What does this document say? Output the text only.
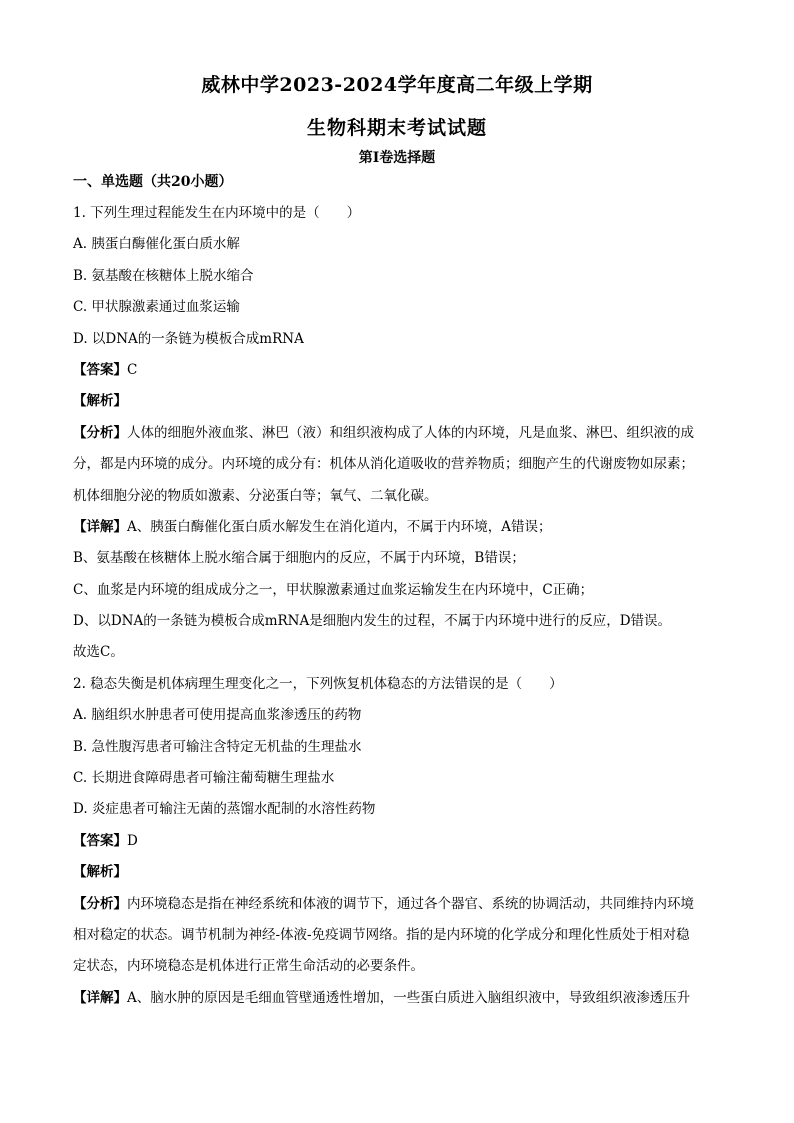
威林中学2023-2024学年度高二年级上学期
生物科期末考试试题
第Ⅰ卷选择题
一、单选题（共20小题）
1. 下列生理过程能发生在内环境中的是（　　）
A. 胰蛋白酶催化蛋白质水解
B. 氨基酸在核糖体上脱水缩合
C. 甲状腺激素通过血浆运输
D. 以DNA的一条链为模板合成mRNA
【答案】C
【解析】
【分析】人体的细胞外液血浆、淋巴（液）和组织液构成了人体的内环境，凡是血浆、淋巴、组织液的成
分，都是内环境的成分。内环境的成分有：机体从消化道吸收的营养物质；细胞产生的代谢废物如尿素；
机体细胞分泌的物质如激素、分泌蛋白等；氧气、二氧化碳。
【详解】A、胰蛋白酶催化蛋白质水解发生在消化道内，不属于内环境，A错误；
B、氨基酸在核糖体上脱水缩合属于细胞内的反应，不属于内环境，B错误；
C、血浆是内环境的组成成分之一，甲状腺激素通过血浆运输发生在内环境中，C正确；
D、以DNA的一条链为模板合成mRNA是细胞内发生的过程，不属于内环境中进行的反应，D错误。
故选C。
2. 稳态失衡是机体病理生理变化之一，下列恢复机体稳态的方法错误的是（　　）
A. 脑组织水肿患者可使用提高血浆渗透压的药物
B. 急性腹泻患者可输注含特定无机盐的生理盐水
C. 长期进食障碍患者可输注葡萄糖生理盐水
D. 炎症患者可输注无菌的蒸馏水配制的水溶性药物
【答案】D
【解析】
【分析】内环境稳态是指在神经系统和体液的调节下，通过各个器官、系统的协调活动，共同维持内环境
相对稳定的状态。调节机制为神经-体液-免疫调节网络。指的是内环境的化学成分和理化性质处于相对稳
定状态，内环境稳态是机体进行正常生命活动的必要条件。
【详解】A、脑水肿的原因是毛细血管壁通透性增加，一些蛋白质进入脑组织液中，导致组织液渗透压升
